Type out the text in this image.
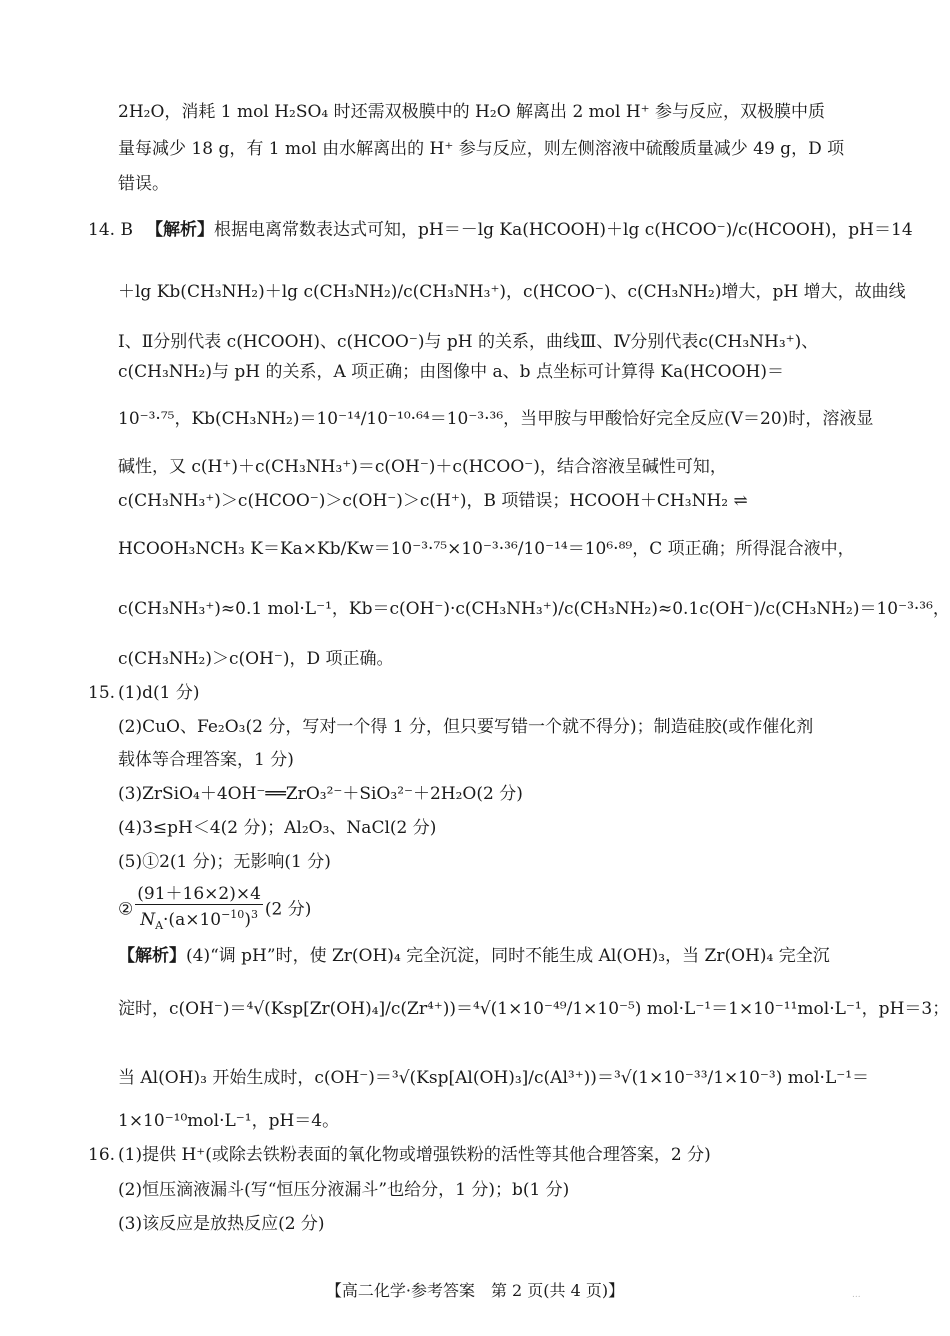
2H₂O，消耗 1 mol H₂SO₄ 时还需双极膜中的 H₂O 解离出 2 mol H⁺ 参与反应，双极膜中质
量每减少 18 g，有 1 mol 由水解离出的 H⁺ 参与反应，则左侧溶液中硫酸质量减少 49 g，D 项
错误。
14. B 【解析】根据电离常数表达式可知，pH＝－lg Ka(HCOOH)＋lg c(HCOO⁻)/c(HCOOH)，pH＝14
＋lg Kb(CH₃NH₂)＋lg c(CH₃NH₂)/c(CH₃NH₃⁺)，c(HCOO⁻)、c(CH₃NH₂)增大，pH 增大，故曲线
Ⅰ、Ⅱ分别代表 c(HCOOH)、c(HCOO⁻)与 pH 的关系，曲线Ⅲ、Ⅳ分别代表c(CH₃NH₃⁺)、
c(CH₃NH₂)与 pH 的关系，A 项正确；由图像中 a、b 点坐标可计算得 Ka(HCOOH)＝
10⁻³·⁷⁵，Kb(CH₃NH₂)＝10⁻¹⁴/10⁻¹⁰·⁶⁴＝10⁻³·³⁶，当甲胺与甲酸恰好完全反应(V＝20)时，溶液显
碱性，又 c(H⁺)＋c(CH₃NH₃⁺)＝c(OH⁻)＋c(HCOO⁻)，结合溶液呈碱性可知，
c(CH₃NH₃⁺)＞c(HCOO⁻)＞c(OH⁻)＞c(H⁺)，B 项错误；HCOOH＋CH₃NH₂ ⇌
HCOOH₃NCH₃ K＝Ka×Kb/Kw＝10⁻³·⁷⁵×10⁻³·³⁶/10⁻¹⁴＝10⁶·⁸⁹，C 项正确；所得混合液中，
c(CH₃NH₃⁺)≈0.1 mol·L⁻¹，Kb＝c(OH⁻)·c(CH₃NH₃⁺)/c(CH₃NH₂)≈0.1c(OH⁻)/c(CH₃NH₂)＝10⁻³·³⁶，
c(CH₃NH₂)＞c(OH⁻)，D 项正确。
15. (1)d(1 分)
(2)CuO、Fe₂O₃(2 分，写对一个得 1 分，但只要写错一个就不得分)；制造硅胶(或作催化剂
载体等合理答案，1 分)
(3)ZrSiO₄＋4OH⁻══ZrO₃²⁻＋SiO₃²⁻＋2H₂O(2 分)
(4)3≤pH＜4(2 分)；Al₂O₃、NaCl(2 分)
(5)①2(1 分)；无影响(1 分)
② $\frac{(91+16\times 2)\times 4}{N_A\cdot(a\times 10^{-10})^3} (2$ 分)
【解析】(4)“调 pH”时，使 Zr(OH)₄ 完全沉淀，同时不能生成 Al(OH)₃，当 Zr(OH)₄ 完全沉
淀时，c(OH⁻)＝⁴√(Ksp[Zr(OH)₄]/c(Zr⁴⁺))＝⁴√(1×10⁻⁴⁹/1×10⁻⁵) mol·L⁻¹＝1×10⁻¹¹mol·L⁻¹，pH＝3；
当 Al(OH)₃ 开始生成时，c(OH⁻)＝³√(Ksp[Al(OH)₃]/c(Al³⁺))＝³√(1×10⁻³³/1×10⁻³) mol·L⁻¹＝
1×10⁻¹⁰mol·L⁻¹，pH＝4。
16. (1)提供 H⁺(或除去铁粉表面的氧化物或增强铁粉的活性等其他合理答案，2 分)
(2)恒压滴液漏斗(写“恒压分液漏斗”也给分，1 分)；b(1 分)
(3)该反应是放热反应(2 分)
【高二化学·参考答案　第 2 页(共 4 页)】	...
